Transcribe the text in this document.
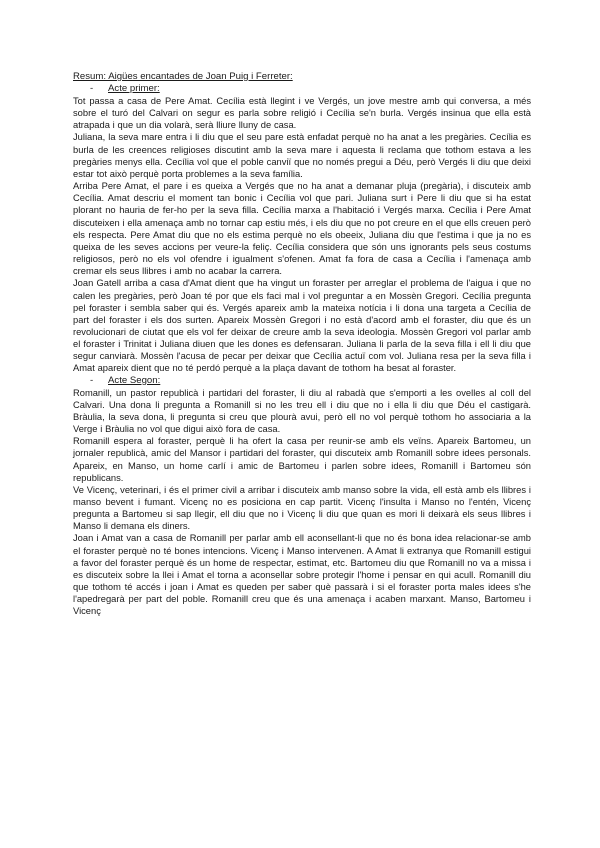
Resum: Aigües encantades de Joan Puig i Ferreter:

- Acte primer:

Tot passa a casa de Pere Amat. Cecília està llegint i ve Vergés, un jove mestre amb qui conversa, a més sobre el turó del Calvari on segur es parla sobre religió i Cecília se'n burla. Vergés insinua que ella està atrapada i que un dia volarà, serà lliure lluny de casa.

Juliana, la seva mare entra i li diu que el seu pare està enfadat perquè no ha anat a les pregàries. Cecília es burla de les creences religioses discutint amb la seva mare i aquesta li reclama que tothom estava a les pregàries menys ella. Cecília vol que el poble canviï que no només pregui a Déu, però Vergés li diu que deixi estar tot això perquè porta problemes a la seva família.

Arriba Pere Amat, el pare i es queixa a Vergés que no ha anat a demanar pluja (pregària), i discuteix amb Cecília. Amat descriu el moment tan bonic i Cecília vol que pari. Juliana surt i Pere li diu que si ha estat plorant no hauria de fer-ho per la seva filla. Cecília marxa a l'habitació i Vergés marxa. Cecília i Pere Amat discuteixen i ella amenaça amb no tornar cap estiu més, i els diu que no pot creure en el que ells creuen però els respecta. Pere Amat diu que no els estima perquè no els obeeix, Juliana diu que l'estima i que ja no es queixa de les seves accions per veure-la feliç. Cecília considera que són uns ignorants pels seus costums religiosos, però no els vol ofendre i igualment s'ofenen. Amat fa fora de casa a Cecília i l'amenaça amb cremar els seus llibres i amb no acabar la carrera.

Joan Gatell arriba a casa d'Amat dient que ha vingut un foraster per arreglar el problema de l'aigua i que no calen les pregàries, però Joan té por que els faci mal i vol preguntar a en Mossèn Gregori. Cecília pregunta pel foraster i sembla saber qui és. Vergés apareix amb la mateixa notícia i li dona una targeta a Cecília de part del foraster i els dos surten. Apareix Mossèn Gregori i no està d'acord amb el foraster, diu que és un revolucionari de ciutat que els vol fer deixar de creure amb la seva ideologia. Mossèn Gregori vol parlar amb el foraster i Trinitat i Juliana diuen que les dones es defensaran. Juliana li parla de la seva filla i ell li diu que segur canviarà. Mossèn l'acusa de pecar per deixar que Cecília actuï com vol. Juliana resa per la seva filla i Amat apareix dient que no té perdó perquè a la plaça davant de tothom ha besat al foraster.

- Acte Segon:

Romanill, un pastor republicà i partidari del foraster, li diu al rabadà que s'emporti a les ovelles al coll del Calvari. Una dona li pregunta a Romanill si no les treu ell i diu que no i ella li diu que Déu el castigarà. Bràulia, la seva dona, li pregunta si creu que plourà avui, però ell no vol perquè tothom ho associaria a la Verge i Bràulia no vol que digui això fora de casa.

Romanill espera al foraster, perquè li ha ofert la casa per reunir-se amb els veïns. Apareix Bartomeu, un jornaler republicà, amic del Mansor i partidari del foraster, qui discuteix amb Romanill sobre idees personals. Apareix, en Manso, un home carlí i amic de Bartomeu i parlen sobre idees, Romanill i Bartomeu són republicans.

Ve Vicenç, veterinari, i és el primer civil a arribar i discuteix amb manso sobre la vida, ell està amb els llibres i manso bevent i fumant. Vicenç no es posiciona en cap partit. Vicenç l'insulta i Manso no l'entén, Vicenç pregunta a Bartomeu si sap llegir, ell diu que no i Vicenç li diu que quan es mori li deixarà els seus llibres i Manso li demana els diners.

Joan i Amat van a casa de Romanill per parlar amb ell aconsellant-li que no és bona idea relacionar-se amb el foraster perquè no té bones intencions. Vicenç i Manso intervenen. A Amat li extranya que Romanill estigui a favor del foraster perquè és un home de respectar, estimat, etc. Bartomeu diu que Romanill no va a missa i es discuteix sobre la llei i Amat el torna a aconsellar sobre protegir l'home i pensar en qui acull. Romanill diu que tothom té accés i joan i Amat es queden per saber què passarà i si el foraster porta males idees s'he l'apedregarà per part del poble. Romanill creu que és una amenaça i acaben marxant. Manso, Bartomeu i Vicenç
